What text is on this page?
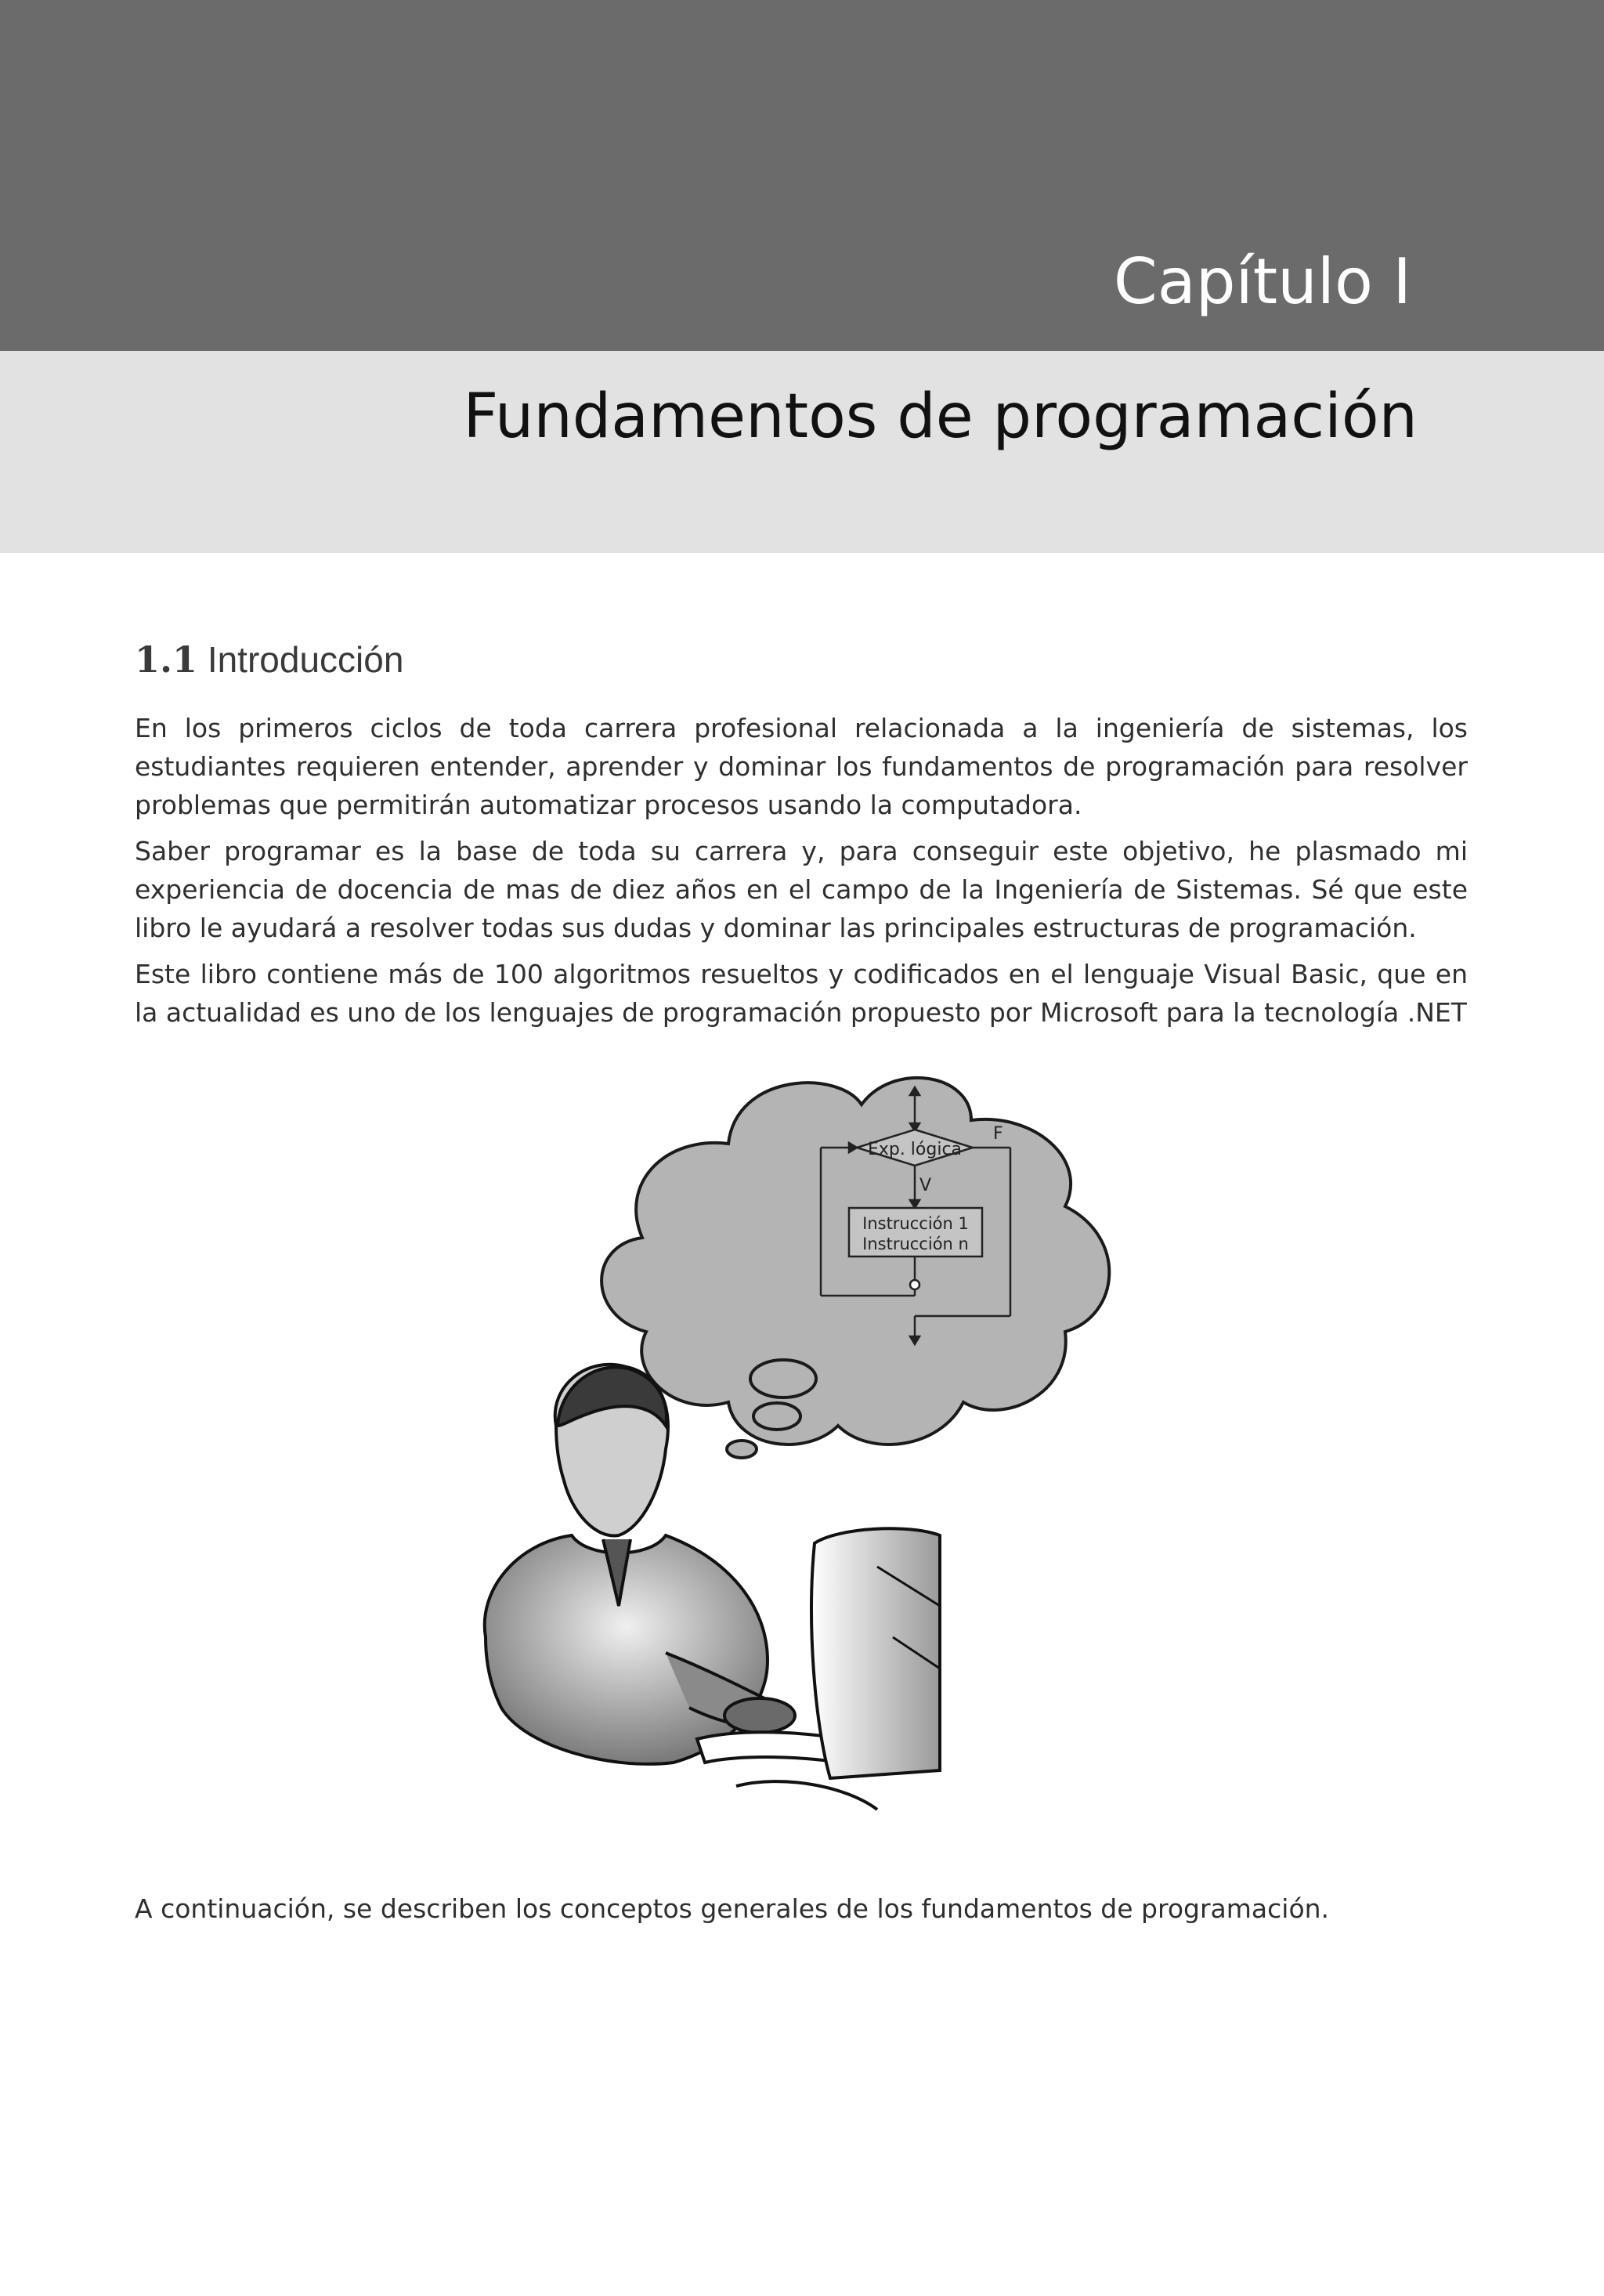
Capítulo I
Fundamentos de programación
1.1 Introducción

En los primeros ciclos de toda carrera profesional relacionada a la ingeniería de sistemas, los estudiantes requieren entender, aprender y dominar los fundamentos de programación para resolver problemas que permitirán automatizar procesos usando la computadora.

Saber programar es la base de toda su carrera y, para conseguir este objetivo, he plasmado mi experiencia de docencia de mas de diez años en el campo de la Ingeniería de Sistemas. Sé que este libro le ayudará a resolver todas sus dudas y dominar las principales estructuras de programación.

Este libro contiene más de 100 algoritmos resueltos y codificados en el lenguaje Visual Basic, que en la actualidad es uno de los lenguajes de programación propuesto por Microsoft para la tecnología .NET

Exp. lógica
F
V
Instrucción 1
Instrucción n

A continuación, se describen los conceptos generales de los fundamentos de programación.
